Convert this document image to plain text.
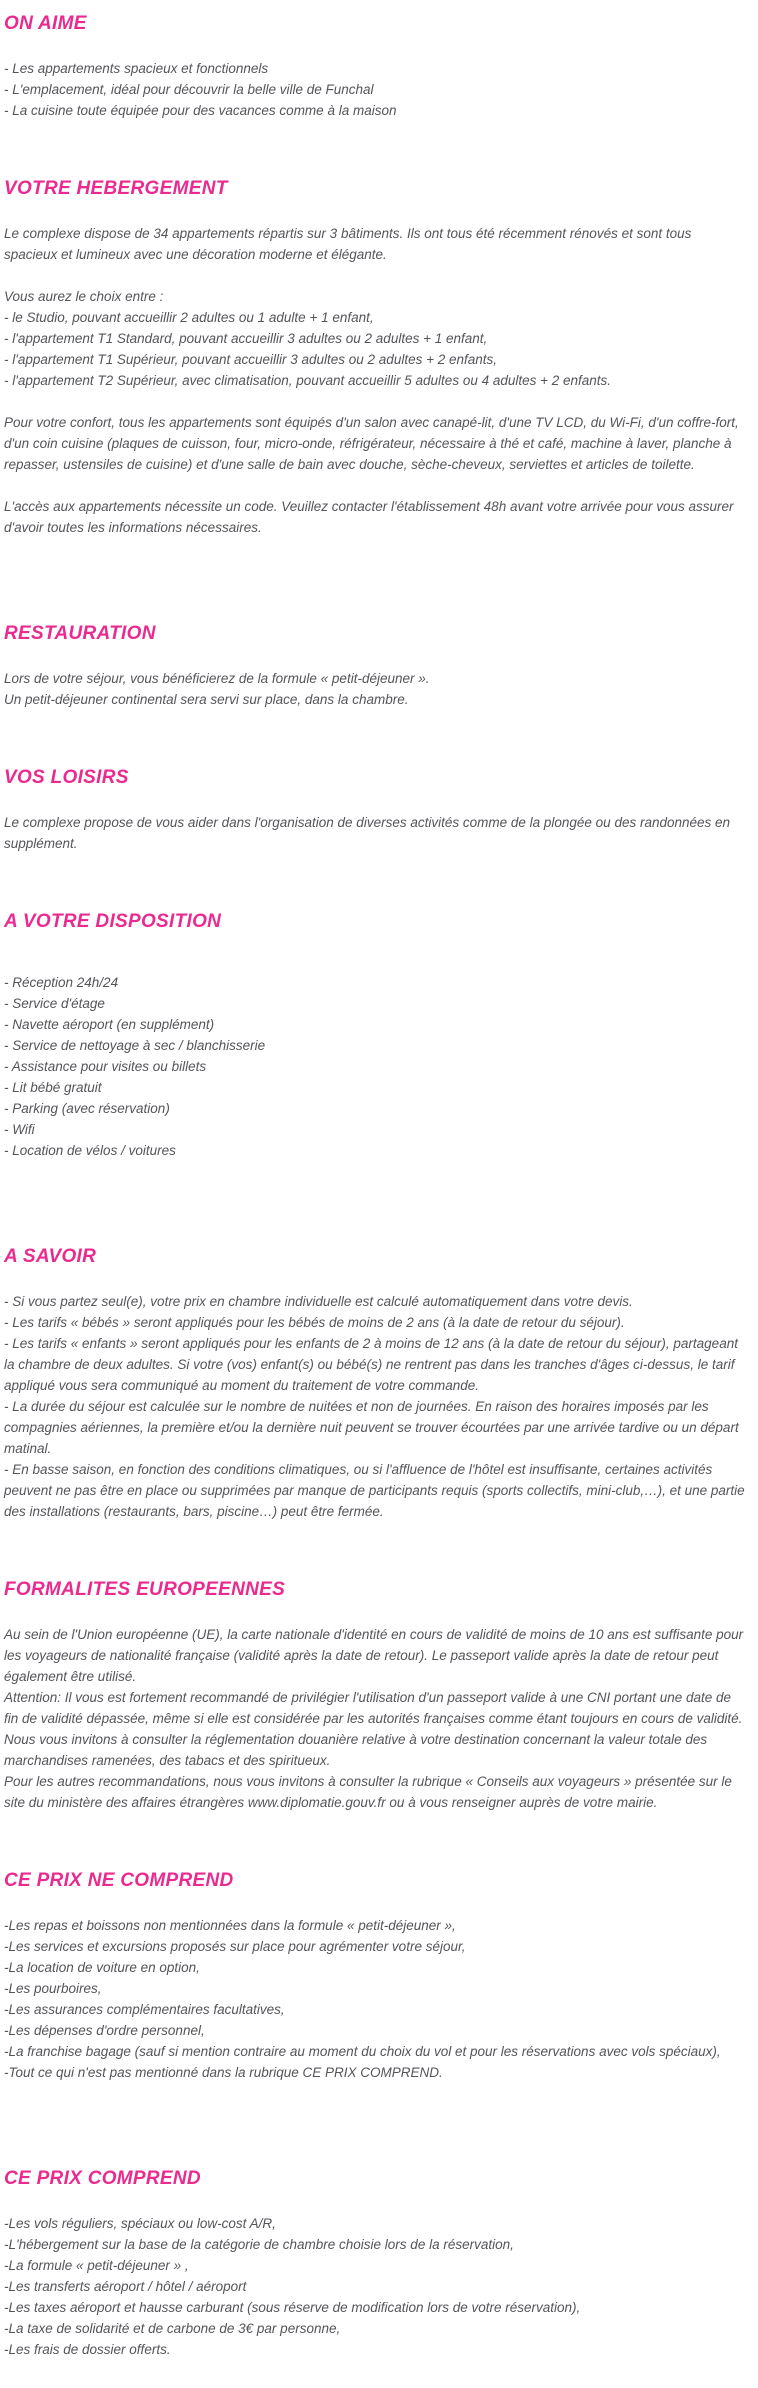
ON AIME

- Les appartements spacieux et fonctionnels

- L'emplacement, idéal pour découvrir la belle ville de Funchal

- La cuisine toute équipée pour des vacances comme à la maison

VOTRE HEBERGEMENT

Le complexe dispose de 34 appartements répartis sur 3 bâtiments. Ils ont tous été récemment rénovés et sont tous spacieux et lumineux avec une décoration moderne et élégante.

Vous aurez le choix entre :

- le Studio, pouvant accueillir 2 adultes ou 1 adulte + 1 enfant,

- l'appartement T1 Standard, pouvant accueillir 3 adultes ou 2 adultes + 1 enfant,

- l'appartement T1 Supérieur, pouvant accueillir 3 adultes ou 2 adultes + 2 enfants,

- l'appartement T2 Supérieur, avec climatisation, pouvant accueillir 5 adultes ou 4 adultes + 2 enfants.

Pour votre confort, tous les appartements sont équipés d'un salon avec canapé-lit, d'une TV LCD, du Wi-Fi, d'un coffre-fort, d'un coin cuisine (plaques de cuisson, four, micro-onde, réfrigérateur, nécessaire à thé et café, machine à laver, planche à repasser, ustensiles de cuisine) et d'une salle de bain avec douche, sèche-cheveux, serviettes et articles de toilette.

L'accès aux appartements nécessite un code. Veuillez contacter l'établissement 48h avant votre arrivée pour vous assurer d'avoir toutes les informations nécessaires.

RESTAURATION

Lors de votre séjour, vous bénéficierez de la formule « petit-déjeuner ».

Un petit-déjeuner continental sera servi sur place, dans la chambre.

VOS LOISIRS

Le complexe propose de vous aider dans l'organisation de diverses activités comme de la plongée ou des randonnées en supplément.

A VOTRE DISPOSITION

- Réception 24h/24

- Service d'étage

- Navette aéroport (en supplément)

- Service de nettoyage à sec / blanchisserie

- Assistance pour visites ou billets

- Lit bébé gratuit

- Parking (avec réservation)

- Wifi

- Location de vélos / voitures

A SAVOIR

- Si vous partez seul(e), votre prix en chambre individuelle est calculé automatiquement dans votre devis.

- Les tarifs « bébés » seront appliqués pour les bébés de moins de 2 ans (à la date de retour du séjour).

- Les tarifs « enfants » seront appliqués pour les enfants de 2 à moins de 12 ans (à la date de retour du séjour), partageant la chambre de deux adultes. Si votre (vos) enfant(s) ou bébé(s) ne rentrent pas dans les tranches d'âges ci-dessus, le tarif appliqué vous sera communiqué au moment du traitement de votre commande.

- La durée du séjour est calculée sur le nombre de nuitées et non de journées. En raison des horaires imposés par les compagnies aériennes, la première et/ou la dernière nuit peuvent se trouver écourtées par une arrivée tardive ou un départ matinal.

- En basse saison, en fonction des conditions climatiques, ou si l'affluence de l'hôtel est insuffisante, certaines activités peuvent ne pas être en place ou supprimées par manque de participants requis (sports collectifs, mini-club,…), et une partie des installations (restaurants, bars, piscine…) peut être fermée.

FORMALITES EUROPEENNES

Au sein de l'Union européenne (UE), la carte nationale d'identité en cours de validité de moins de 10 ans est suffisante pour les voyageurs de nationalité française (validité après la date de retour). Le passeport valide après la date de retour peut également être utilisé.

Attention: Il vous est fortement recommandé de privilégier l'utilisation d'un passeport valide à une CNI portant une date de fin de validité dépassée, même si elle est considérée par les autorités françaises comme étant toujours en cours de validité.

Nous vous invitons à consulter la réglementation douanière relative à votre destination concernant la valeur totale des marchandises ramenées, des tabacs et des spiritueux.

Pour les autres recommandations, nous vous invitons à consulter la rubrique « Conseils aux voyageurs » présentée sur le site du ministère des affaires étrangères www.diplomatie.gouv.fr ou à vous renseigner auprès de votre mairie.

CE PRIX NE COMPREND

-Les repas et boissons non mentionnées dans la formule « petit-déjeuner »,

-Les services et excursions proposés sur place pour agrémenter votre séjour,

-La location de voiture en option,

-Les pourboires,

-Les assurances complémentaires facultatives,

-Les dépenses d'ordre personnel,

-La franchise bagage (sauf si mention contraire au moment du choix du vol et pour les réservations avec vols spéciaux),

-Tout ce qui n'est pas mentionné dans la rubrique CE PRIX COMPREND.

CE PRIX COMPREND

-Les vols réguliers, spéciaux ou low-cost A/R,

-L'hébergement sur la base de la catégorie de chambre choisie lors de la réservation,

-La formule « petit-déjeuner » ,

-Les transferts aéroport / hôtel / aéroport

-Les taxes aéroport et hausse carburant (sous réserve de modification lors de votre réservation),

-La taxe de solidarité et de carbone de 3€ par personne,

-Les frais de dossier offerts.
